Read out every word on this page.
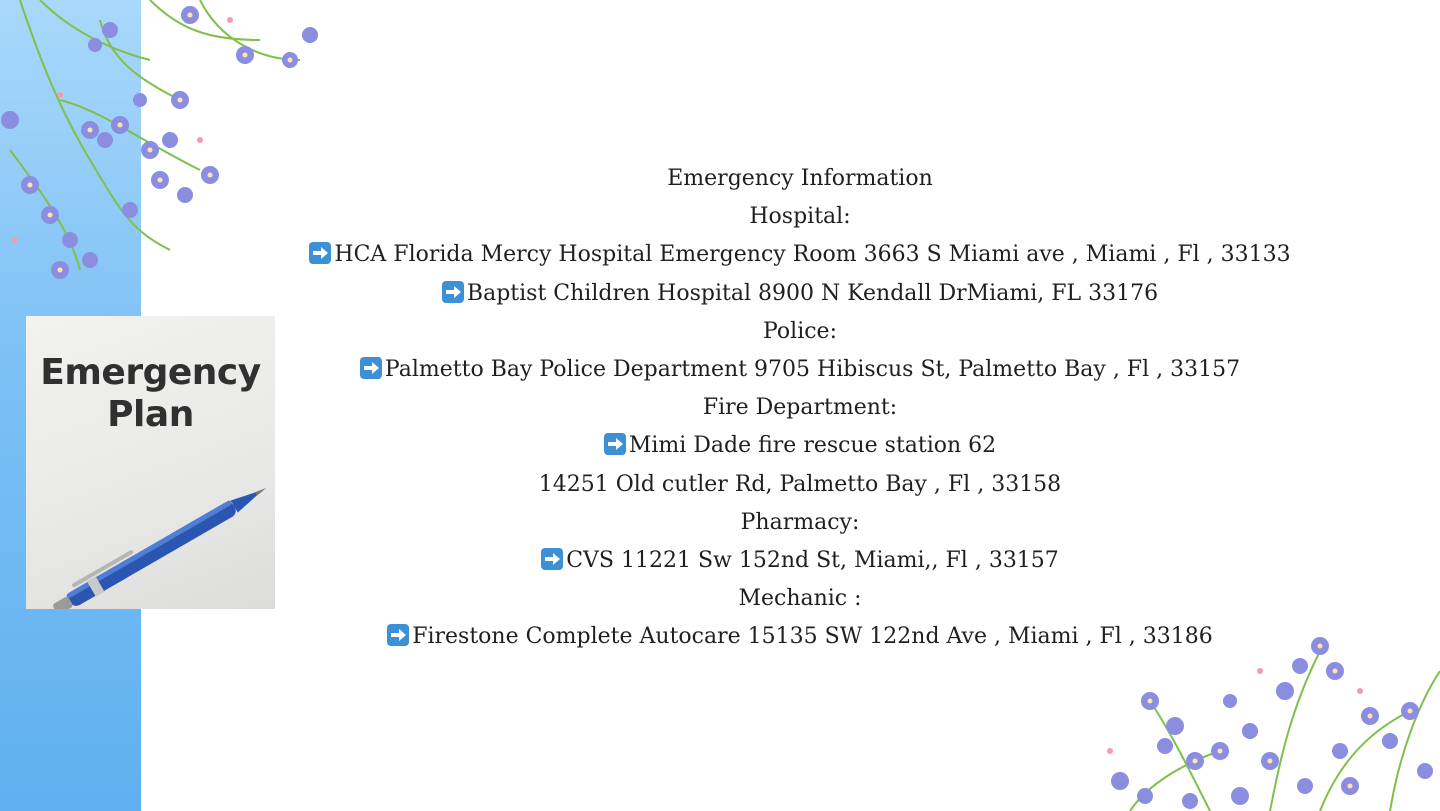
Emergency
Plan
Emergency Information
Hospital:
HCA Florida Mercy Hospital Emergency Room 3663 S Miami ave , Miami , Fl , 33133
Baptist Children Hospital 8900 N Kendall DrMiami, FL 33176
Police:
Palmetto Bay Police Department 9705 Hibiscus St, Palmetto Bay , Fl , 33157
Fire Department:
Mimi Dade fire rescue station 62
14251 Old cutler Rd, Palmetto Bay , Fl , 33158
Pharmacy:
CVS 11221 Sw 152nd St, Miami,, Fl , 33157
Mechanic :
Firestone Complete Autocare 15135 SW 122nd Ave , Miami , Fl , 33186
